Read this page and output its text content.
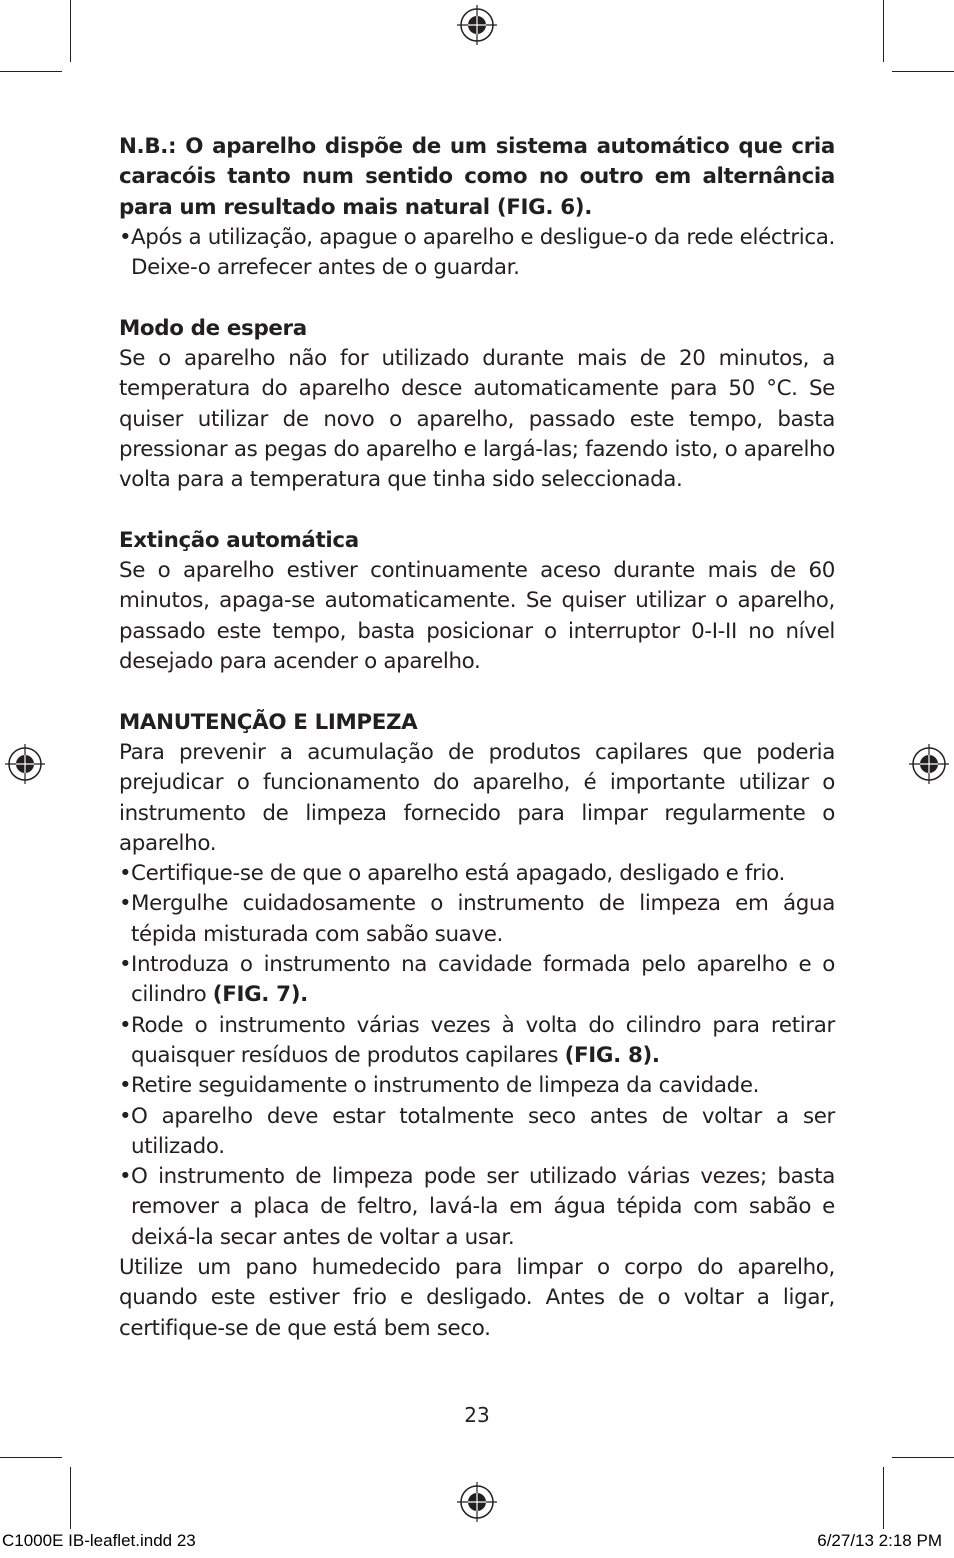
N.B.: O aparelho dispõe de um sistema automático que cria caracóis tanto num sentido como no outro em alternância para um resultado mais natural (FIG. 6).

• Após a utilização, apague o aparelho e desligue-o da rede eléctrica. Deixe-o arrefecer antes de o guardar.

Modo de espera

Se o aparelho não for utilizado durante mais de 20 minutos, a temperatura do aparelho desce automaticamente para 50 °C. Se quiser utilizar de novo o aparelho, passado este tempo, basta pressionar as pegas do aparelho e largá-las; fazendo isto, o aparelho volta para a temperatura que tinha sido seleccionada.

Extinção automática

Se o aparelho estiver continuamente aceso durante mais de 60 minutos, apaga-se automaticamente. Se quiser utilizar o aparelho, passado este tempo, basta posicionar o interruptor 0-I-II no nível desejado para acender o aparelho.

MANUTENÇÃO E LIMPEZA

Para prevenir a acumulação de produtos capilares que poderia prejudicar o funcionamento do aparelho, é importante utilizar o instrumento de limpeza fornecido para limpar regularmente o aparelho.

• Certifique-se de que o aparelho está apagado, desligado e frio.
• Mergulhe cuidadosamente o instrumento de limpeza em água tépida misturada com sabão suave.
• Introduza o instrumento na cavidade formada pelo aparelho e o cilindro (FIG. 7).
• Rode o instrumento várias vezes à volta do cilindro para retirar quaisquer resíduos de produtos capilares (FIG. 8).
• Retire seguidamente o instrumento de limpeza da cavidade.
• O aparelho deve estar totalmente seco antes de voltar a ser utilizado.
• O instrumento de limpeza pode ser utilizado várias vezes; basta remover a placa de feltro, lavá-la em água tépida com sabão e deixá-la secar antes de voltar a usar.

Utilize um pano humedecido para limpar o corpo do aparelho, quando este estiver frio e desligado. Antes de o voltar a ligar, certifique-se de que está bem seco.

23
C1000E IB-leaflet.indd 23	6/27/13 2:18 PM
